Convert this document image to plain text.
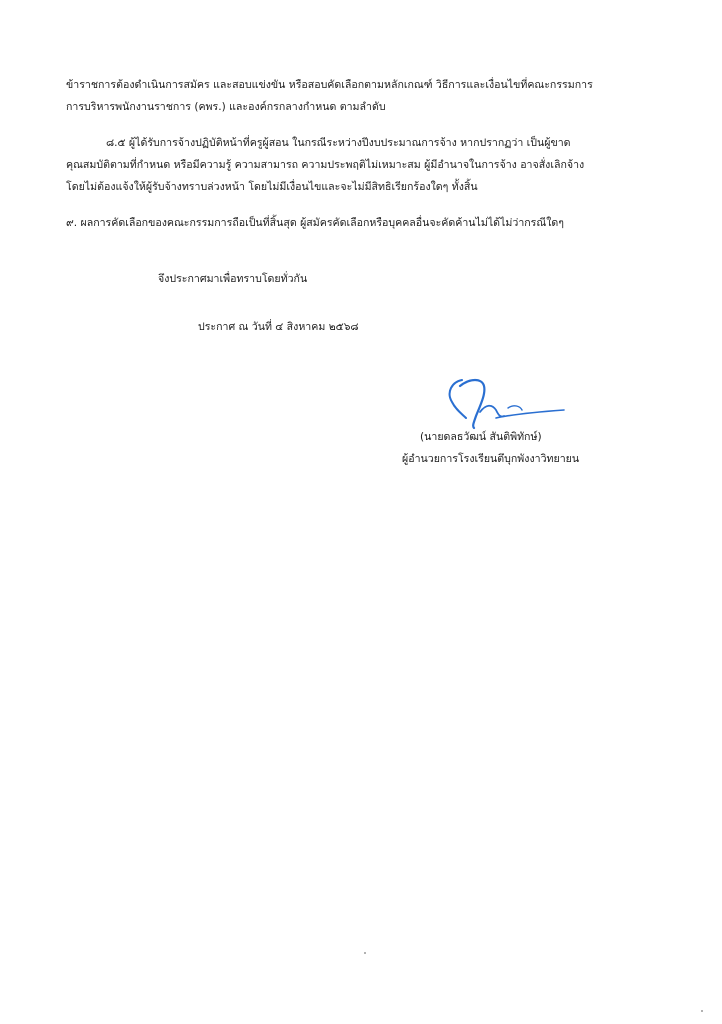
ข้าราชการต้องดำเนินการสมัคร และสอบแข่งขัน หรือสอบคัดเลือกตามหลักเกณฑ์ วิธีการและเงื่อนไขที่คณะกรรมการ
การบริหารพนักงานราชการ (คพร.) และองค์กรกลางกำหนด ตามลำดับ
๘.๕ ผู้ได้รับการจ้างปฏิบัติหน้าที่ครูผู้สอน ในกรณีระหว่างปีงบประมาณการจ้าง หากปรากฏว่า เป็นผู้ขาด
คุณสมบัติตามที่กำหนด หรือมีความรู้ ความสามารถ ความประพฤติไม่เหมาะสม ผู้มีอำนาจในการจ้าง อาจสั่งเลิกจ้าง
โดยไม่ต้องแจ้งให้ผู้รับจ้างทราบล่วงหน้า โดยไม่มีเงื่อนไขและจะไม่มีสิทธิเรียกร้องใดๆ ทั้งสิ้น
๙. ผลการคัดเลือกของคณะกรรมการถือเป็นที่สิ้นสุด ผู้สมัครคัดเลือกหรือบุคคลอื่นจะคัดค้านไม่ได้ไม่ว่ากรณีใดๆ
จึงประกาศมาเพื่อทราบโดยทั่วกัน
ประกาศ ณ วันที่ ๔ สิงหาคม ๒๕๖๘
(นายดลธวัฒน์ สันติพิทักษ์)
ผู้อำนวยการโรงเรียนตึบุกพังงาวิทยายน
